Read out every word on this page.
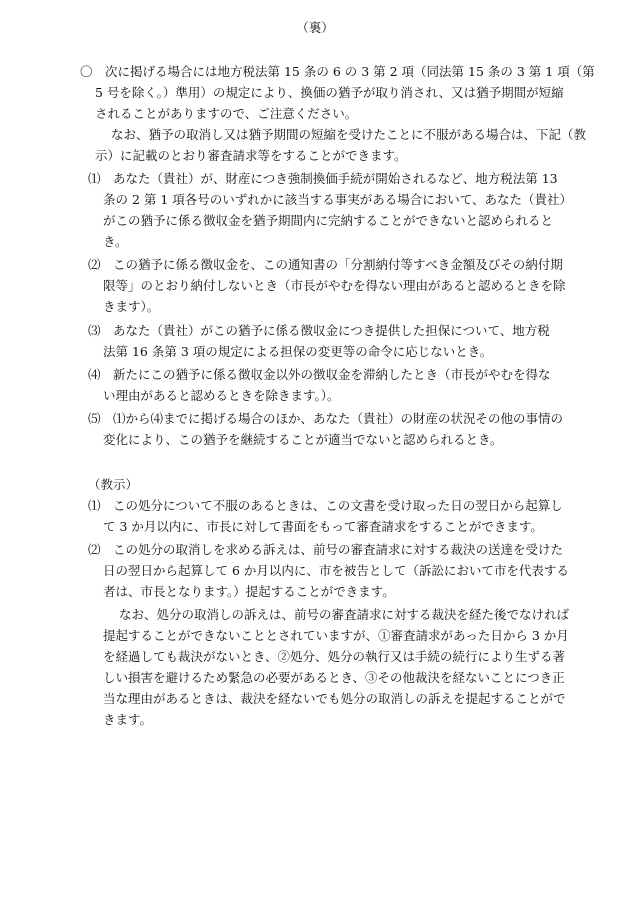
（裏）
〇　次に掲げる場合には地方税法第 15 条の 6 の 3 第 2 項（同法第 15 条の 3 第 1 項（第
5 号を除く。）準用）の規定により、換価の猶予が取り消され、又は猶予期間が短縮
されることがありますので、ご注意ください。
なお、猶予の取消し又は猶予期間の短縮を受けたことに不服がある場合は、下記（教
示）に記載のとおり審査請求等をすることができます。
⑴　あなた（貴社）が、財産につき強制換価手続が開始されるなど、地方税法第 13
条の 2 第 1 項各号のいずれかに該当する事実がある場合において、あなた（貴社）
がこの猶予に係る徴収金を猶予期間内に完納することができないと認められると
き。
⑵　この猶予に係る徴収金を、この通知書の「分割納付等すべき金額及びその納付期
限等」のとおり納付しないとき（市長がやむを得ない理由があると認めるときを除
きます）。
⑶　あなた（貴社）がこの猶予に係る徴収金につき提供した担保について、地方税
法第 16 条第 3 項の規定による担保の変更等の命令に応じないとき。
⑷　新たにこの猶予に係る徴収金以外の徴収金を滞納したとき（市長がやむを得な
い理由があると認めるときを除きます。）。
⑸　⑴から⑷までに掲げる場合のほか、あなた（貴社）の財産の状況その他の事情の
変化により、この猶予を継続することが適当でないと認められるとき。
（教示）
⑴　この処分について不服のあるときは、この文書を受け取った日の翌日から起算し
て 3 か月以内に、市長に対して書面をもって審査請求をすることができます。
⑵　この処分の取消しを求める訴えは、前号の審査請求に対する裁決の送達を受けた
日の翌日から起算して 6 か月以内に、市を被告として（訴訟において市を代表する
者は、市長となります。）提起することができます。
なお、処分の取消しの訴えは、前号の審査請求に対する裁決を経た後でなければ
提起することができないこととされていますが、①審査請求があった日から 3 か月
を経過しても裁決がないとき、②処分、処分の執行又は手続の続行により生ずる著
しい損害を避けるため緊急の必要があるとき、③その他裁決を経ないことにつき正
当な理由があるときは、裁決を経ないでも処分の取消しの訴えを提起することがで
きます。
